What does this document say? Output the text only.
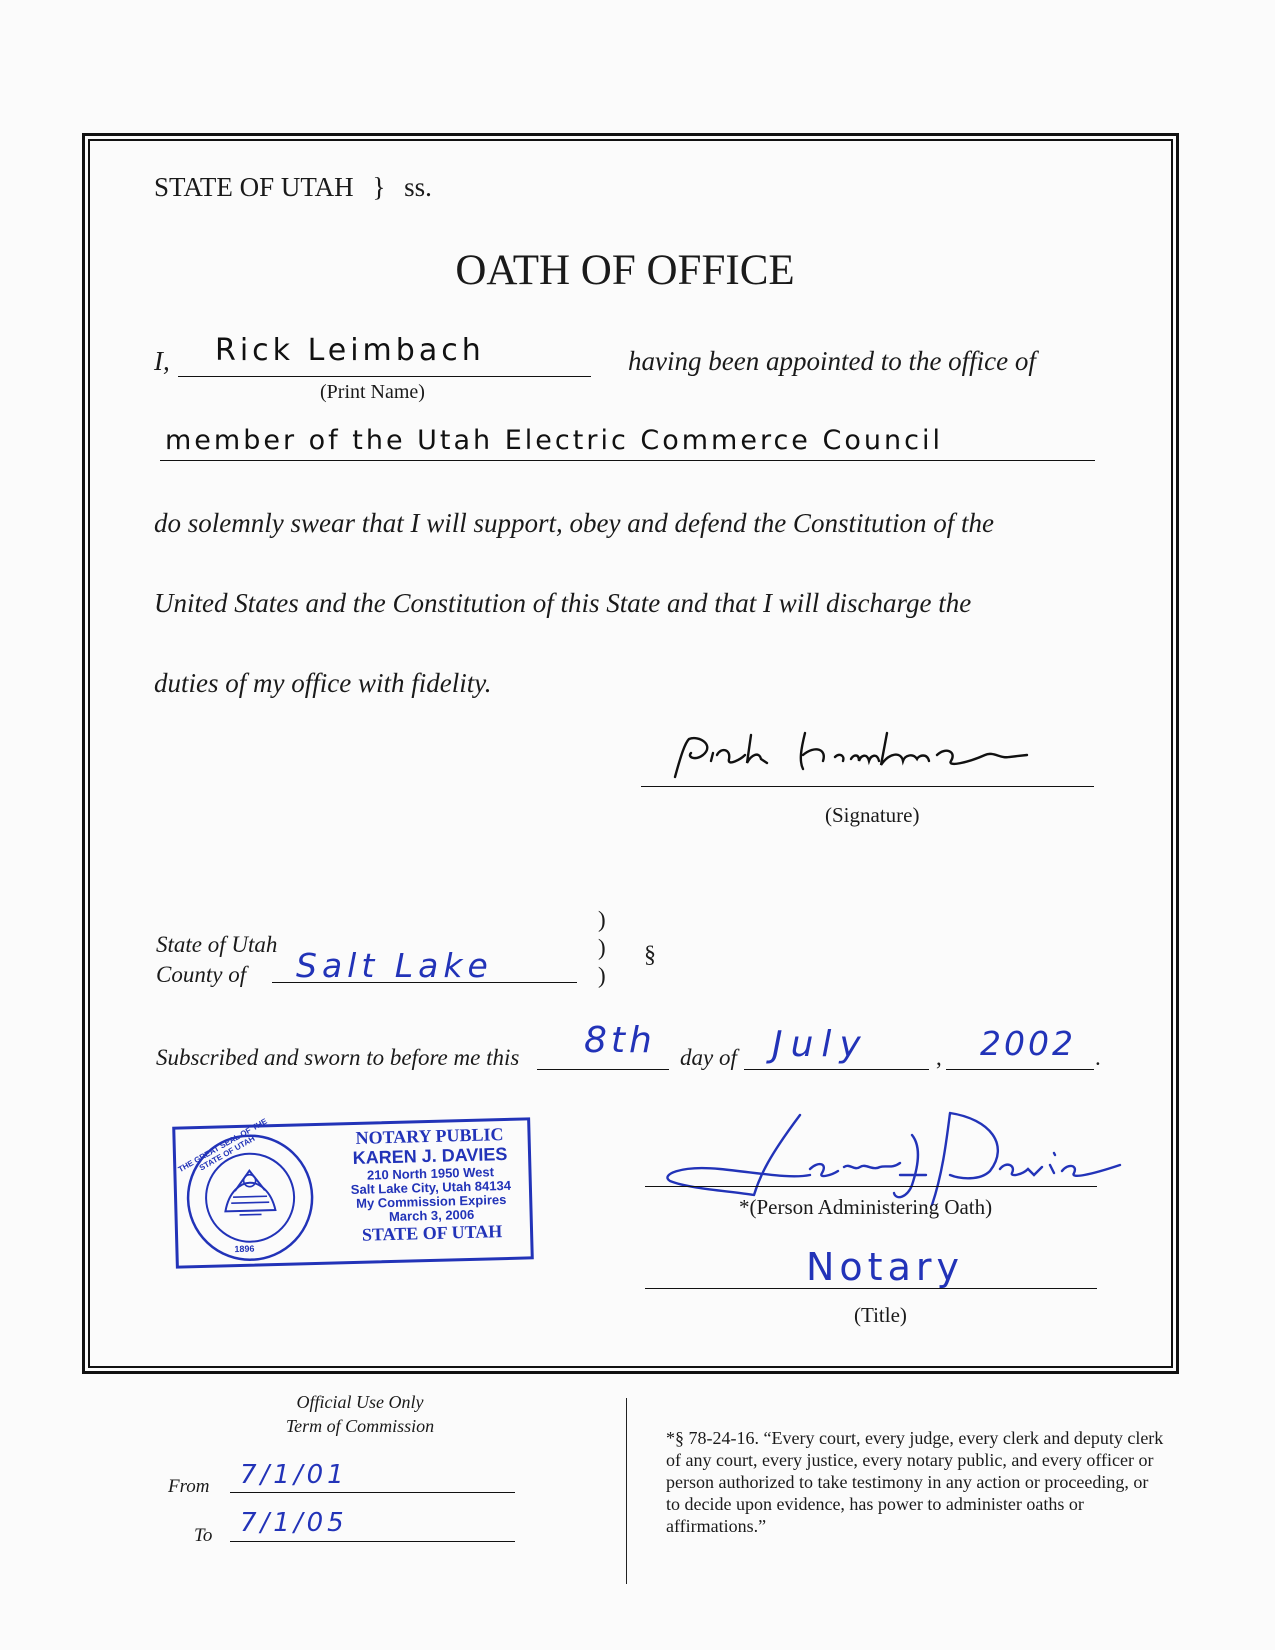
STATE OF UTAH } ss.
OATH OF OFFICE
I, Rick Leimbach	having been appointed to the office of
(Print Name)
member of the Utah Electric Commerce Council
do solemnly swear that I will support, obey and defend the Constitution of the
United States and the Constitution of this State and that I will discharge the
duties of my office with fidelity.
(Signature)
State of Utah
County of Salt Lake
)
)
)
§
Subscribed and sworn to before me this 8th day of July	, 2002 .
THE GREAT SEAL OF THE STATE OF UTAH
1896
NOTARY PUBLIC
KAREN J. DAVIES
210 North 1950 West
Salt Lake City, Utah 84134
My Commission Expires
March 3, 2006
STATE OF UTAH
*(Person Administering Oath)
Notary
(Title)
Official Use Only
Term of Commission
From 7/1/01
To 7/1/05
*§ 78-24-16. “Every court, every judge, every clerk and deputy clerk of any court, every justice, every notary public, and every officer or person authorized to take testimony in any action or proceeding, or to decide upon evidence, has power to administer oaths or affirmations.”
